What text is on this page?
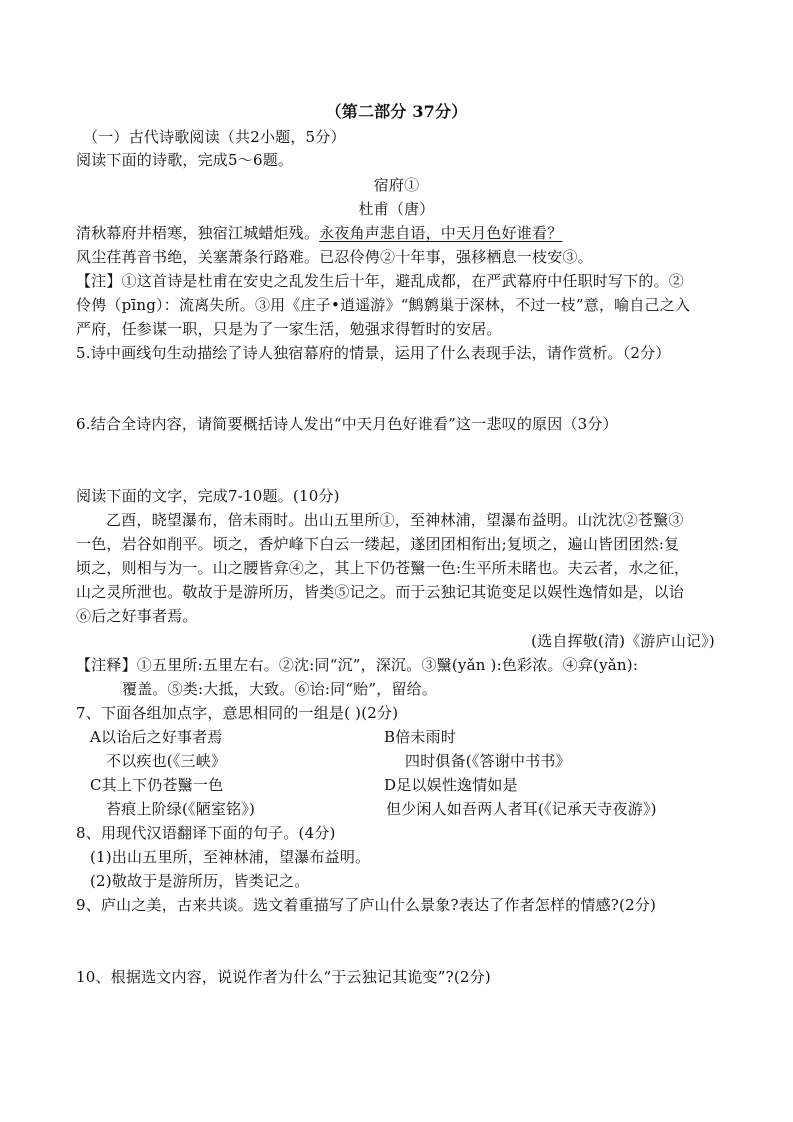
（第二部分 37分）
（一）古代诗歌阅读（共2小题，5分）
阅读下面的诗歌，完成5～6题。
宿府①
杜甫（唐）
清秋幕府井梧寒，独宿江城蜡炬残。永夜角声悲自语，中天月色好谁看？
风尘荏苒音书绝，关塞萧条行路难。已忍伶俜②十年事，强移栖息一枝安③。
【注】①这首诗是杜甫在安史之乱发生后十年，避乱成都，在严武幕府中任职时写下的。②
伶俜（pīng）：流离失所。③用《庄子•逍遥游》“鹪鹩巢于深林，不过一枝”意，喻自己之入
严府，任参谋一职，只是为了一家生活，勉强求得暂时的安居。
5.诗中画线句生动描绘了诗人独宿幕府的情景，运用了什么表现手法，请作赏析。（2分）
6.结合全诗内容，请简要概括诗人发出“中天月色好谁看”这一悲叹的原因（3分）
阅读下面的文字，完成7-10题。(10分)
乙酉，晓望瀑布，倍未雨时。出山五里所①，至神林浦，望瀑布益明。山沈沈②苍黳③
一色，岩谷如削平。顷之，香炉峰下白云一缕起，遂团团相衔出;复顷之，遍山皆团团然:复
顷之，则相与为一。山之腰皆弇④之，其上下仍苍黳一色:生平所未睹也。夫云者，水之征，
山之灵所泄也。敬故于是游所历，皆类⑤记之。而于云独记其诡变足以娱性逸情如是，以诒
⑥后之好事者焉。
(选自挥敬(清)《游庐山记》)
【注释】①五里所:五里左右。②沈:同“沉”，深沉。③黳(yǎn ):色彩浓。④弇(yǎn):
覆盖。⑤类:大抵，大致。⑥诒:同“贻”，留给。
7、下面各组加点字，意思相同的一组是( )(2分)
A以诒后之好事者焉	B倍未雨时
不以疾也(《三峡》	四时俱备(《答谢中书书》
C其上下仍苍黳一色	D足以娱性逸情如是
苔痕上阶绿(《陋室铭》)	但少闲人如吾两人者耳(《记承天寺夜游》)
8、用现代汉语翻译下面的句子。(4分)
(1)出山五里所，至神林浦，望瀑布益明。
(2)敬故于是游所历，皆类记之。
9、庐山之美，古来共谈。选文着重描写了庐山什么景象?表达了作者怎样的情感?(2分)
10、根据选文内容，说说作者为什么“于云独记其诡变”?(2分)
